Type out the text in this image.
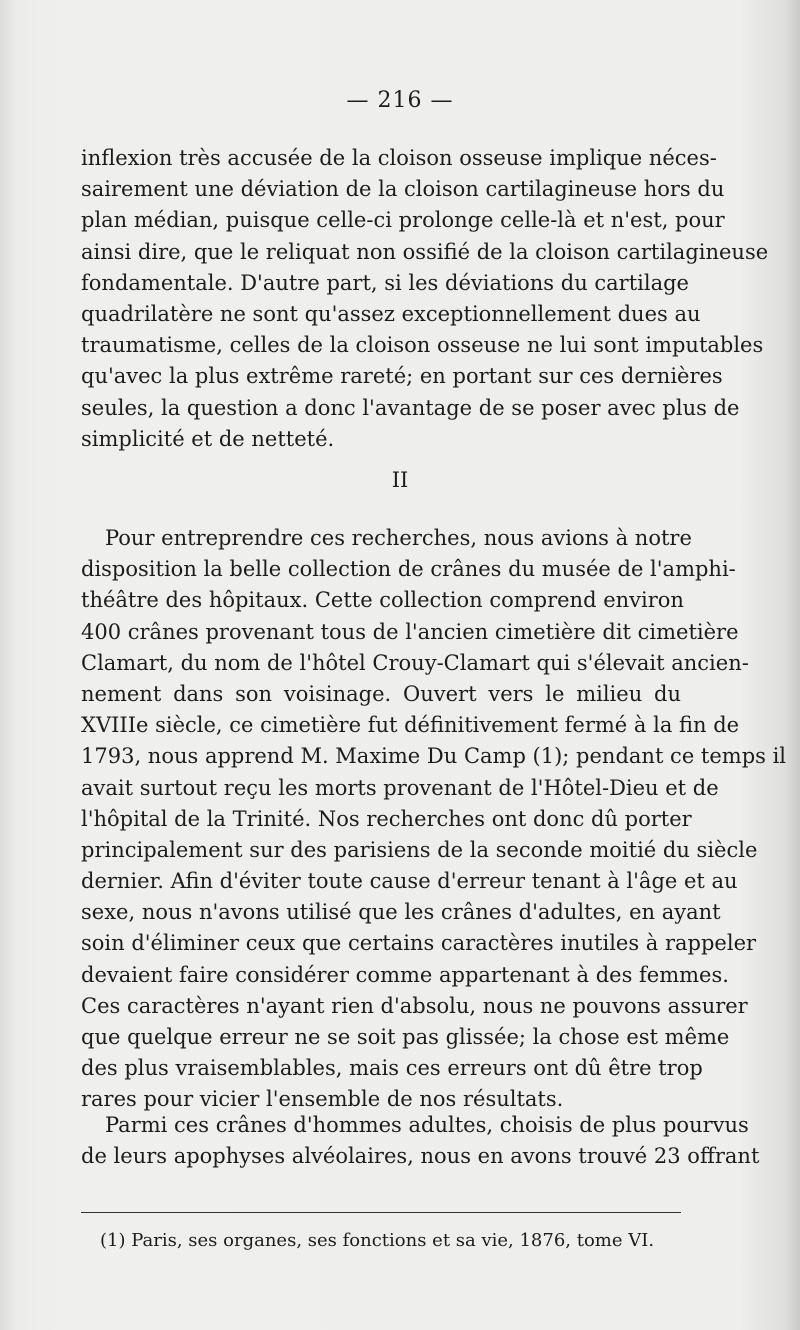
— 216 —
inflexion très accusée de la cloison osseuse implique néces-
sairement une déviation de la cloison cartilagineuse hors du
plan médian, puisque celle-ci prolonge celle-là et n'est, pour
ainsi dire, que le reliquat non ossifié de la cloison cartilagineuse
fondamentale. D'autre part, si les déviations du cartilage
quadrilatère ne sont qu'assez exceptionnellement dues au
traumatisme, celles de la cloison osseuse ne lui sont imputables
qu'avec la plus extrême rareté; en portant sur ces dernières
seules, la question a donc l'avantage de se poser avec plus de
simplicité et de netteté.
II
Pour entreprendre ces recherches, nous avions à notre
disposition la belle collection de crânes du musée de l'amphi-
théâtre des hôpitaux. Cette collection comprend environ
400 crânes provenant tous de l'ancien cimetière dit cimetière
Clamart, du nom de l'hôtel Crouy-Clamart qui s'élevait ancien-
nement dans son voisinage. Ouvert vers le milieu du
XVIIIe siècle, ce cimetière fut définitivement fermé à la fin de
1793, nous apprend M. Maxime Du Camp (1); pendant ce temps il
avait surtout reçu les morts provenant de l'Hôtel-Dieu et de
l'hôpital de la Trinité. Nos recherches ont donc dû porter
principalement sur des parisiens de la seconde moitié du siècle
dernier. Afin d'éviter toute cause d'erreur tenant à l'âge et au
sexe, nous n'avons utilisé que les crânes d'adultes, en ayant
soin d'éliminer ceux que certains caractères inutiles à rappeler
devaient faire considérer comme appartenant à des femmes.
Ces caractères n'ayant rien d'absolu, nous ne pouvons assurer
que quelque erreur ne se soit pas glissée; la chose est même
des plus vraisemblables, mais ces erreurs ont dû être trop
rares pour vicier l'ensemble de nos résultats.
Parmi ces crânes d'hommes adultes, choisis de plus pourvus
de leurs apophyses alvéolaires, nous en avons trouvé 23 offrant
(1) Paris, ses organes, ses fonctions et sa vie, 1876, tome VI.
